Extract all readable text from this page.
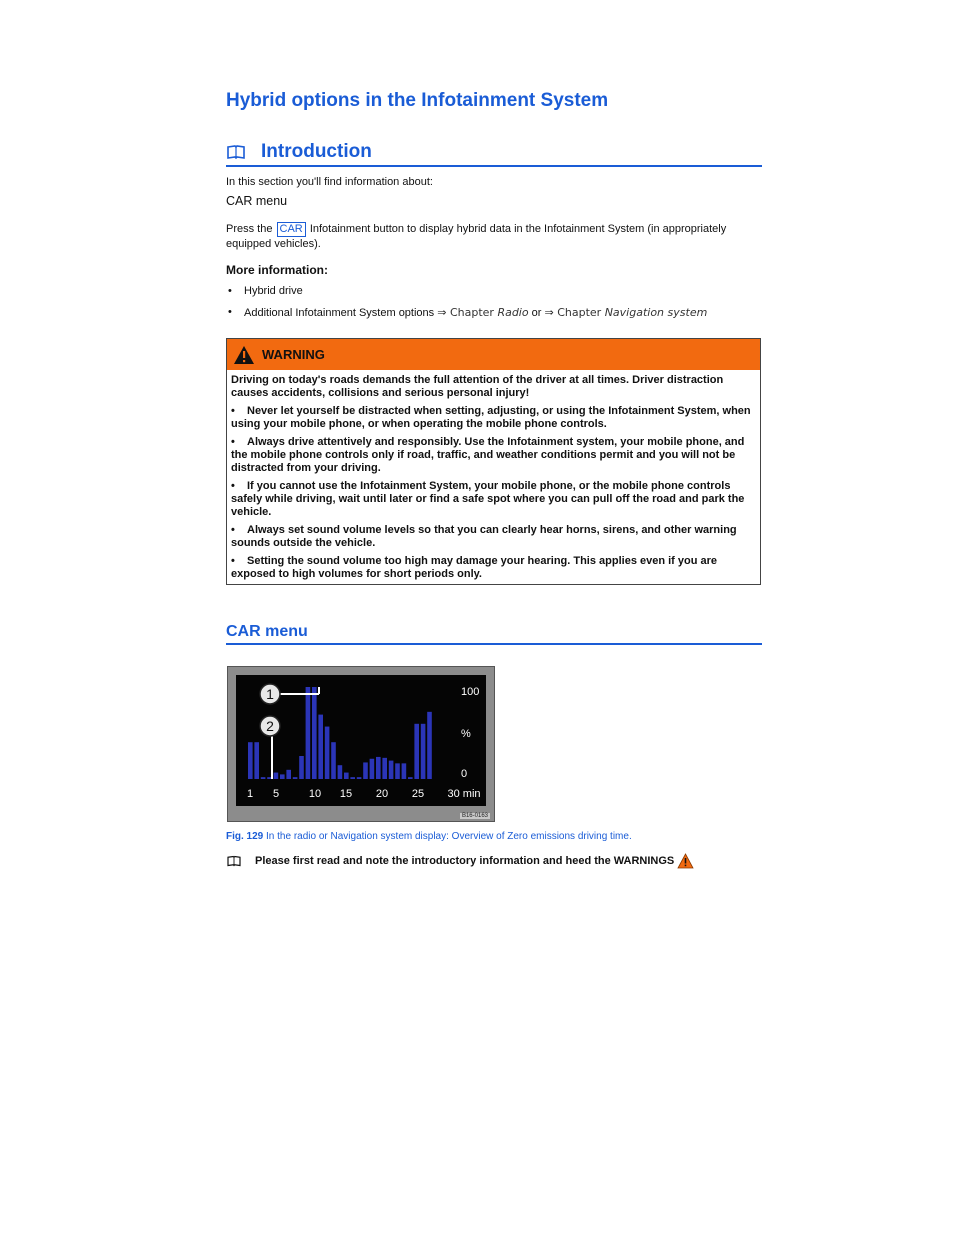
Hybrid options in the Infotainment System
Introduction
In this section you'll find information about:
CAR menu
Press the CAR Infotainment button to display hybrid data in the Infotainment System (in appropriately equipped vehicles).
More information:
• Hybrid drive
• Additional Infotainment System options ⇒ Chapter Radio or ⇒ Chapter Navigation system
WARNING

Driving on today's roads demands the full attention of the driver at all times. Driver distraction causes accidents, collisions and serious personal injury!

• Never let yourself be distracted when setting, adjusting, or using the Infotainment System, when using your mobile phone, or when operating the mobile phone controls.
• Always drive attentively and responsibly. Use the Infotainment system, your mobile phone, and the mobile phone controls only if road, traffic, and weather conditions permit and you will not be distracted from your driving.
• If you cannot use the Infotainment System, your mobile phone, or the mobile phone controls safely while driving, wait until later or find a safe spot where you can pull off the road and park the vehicle.
• Always set sound volume levels so that you can clearly hear horns, sirens, and other warning sounds outside the vehicle.
• Setting the sound volume too high may damage your hearing. This applies even if you are exposed to high volumes for short periods only.
CAR menu
1
2
100
%
0
1 5	10 15 20 25 30 min
B16-0163
Fig. 129 In the radio or Navigation system display: Overview of Zero emissions driving time.
Please first read and note the introductory information and heed the WARNINGS
